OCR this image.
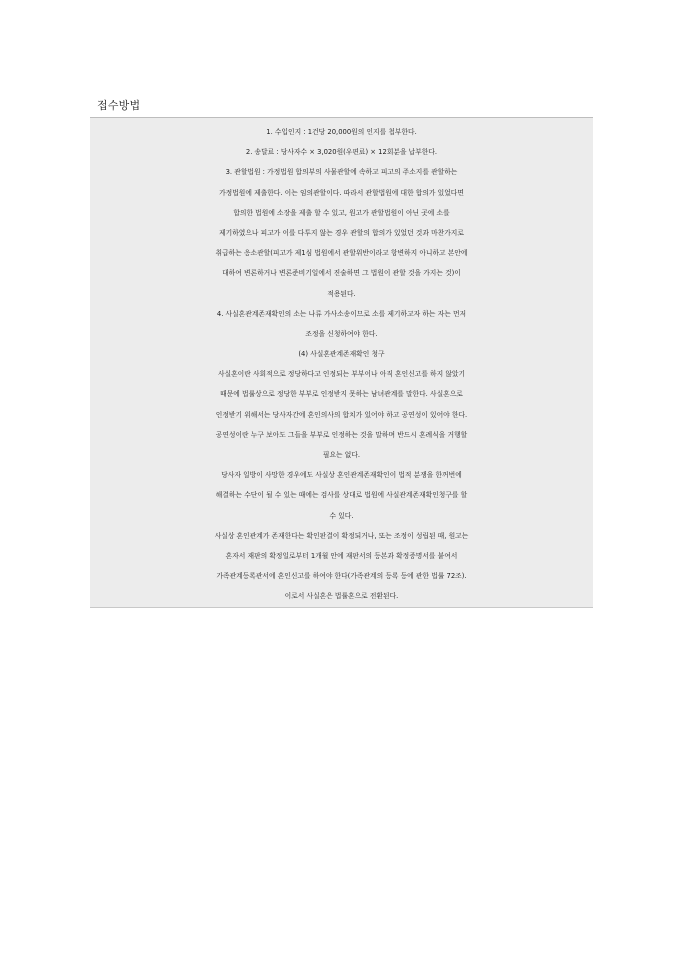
접수방법
1. 수입인지 : 1건당 20,000원의 인지를 첩부한다.
2. 송달료 : 당사자수 × 3,020원(우편료) × 12회분을 납부한다.
3. 관할법원 : 가정법원 합의부의 사물관할에 속하고 피고의 주소지를 관할하는
가정법원에 제출한다. 이는 임의관할이다. 따라서 관할법원에 대한 합의가 있었다면
합의한 법원에 소장을 제출 할 수 있고, 원고가 관할법원이 아닌 곳에 소를
제기하였으나 피고가 이를 다투지 않는 경우 관할의 합의가 있었던 것과 마찬가지로
취급하는 응소관할(피고가 제1심 법원에서 관할위반이라고 항변하지 아니하고 본안에
대하여 변론하거나 변론준비기일에서 진술하면 그 법원이 관할 것을 가지는 것)이
적용된다.
4. 사실혼관계존재확인의 소는 나류 가사소송이므로 소를 제기하고자 하는 자는 먼저
조정을 신청하여야 한다.
(4) 사실혼관계존재확인 청구
사실혼이란 사회적으로 정당하다고 인정되는 부부이나 아직 혼인신고를 하지 않았기
때문에 법률상으로 정당한 부부로 인정받지 못하는 남녀관계를 말한다. 사실혼으로
인정받기 위해서는 당사자간에 혼인의사의 합치가 있어야 하고 공연성이 있어야 한다.
공연성이란 누구 보아도 그들을 부부로 인정하는 것을 말하며 반드시 혼례식을 거행할
필요는 없다.
당사자 일방이 사망한 경우에도 사실상 혼인관계존재확인이 법적 분쟁을 한꺼번에
해결하는 수단이 될 수 있는 때에는 검사를 상대로 법원에 사실관계존재확인청구를 할
수 있다.
사실상 혼인관계가 존재한다는 확인판결이 확정되거나, 또는 조정이 성립된 때, 원고는
혼자서 재판의 확정일로부터 1개월 안에 재판서의 등본과 확정증명서를 붙여서
가족관계등록관서에 혼인신고를 하여야 한다(가족관계의 등록 등에 관한 법률 72조).
이로서 사실혼은 법률혼으로 전환된다.
